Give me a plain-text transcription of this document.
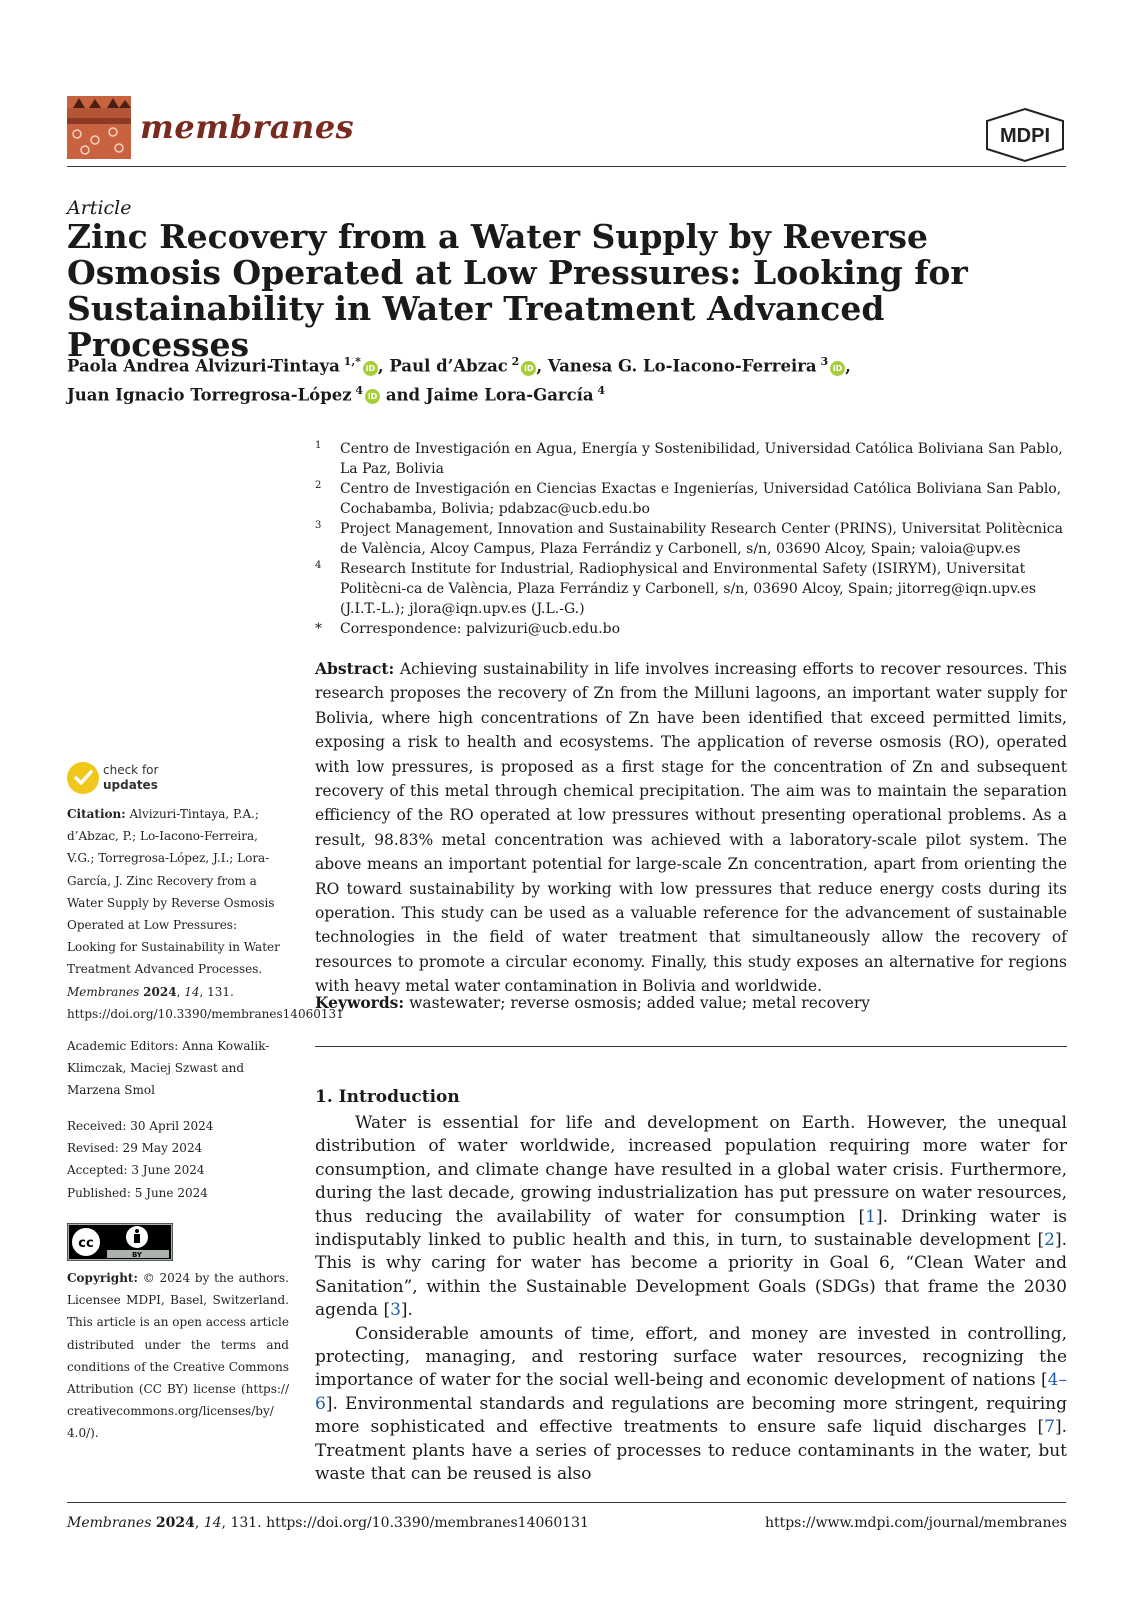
membranes	MDPI
Article
Zinc Recovery from a Water Supply by Reverse Osmosis Operated at Low Pressures: Looking for Sustainability in Water Treatment Advanced Processes
Paola Andrea Alvizuri-Tintaya $^{1,*}$ iD , Paul d’Abzac $^2$ iD , Vanesa G. Lo-Iacono-Ferreira $^3$ iD ,
Juan Ignacio Torregrosa-López $^4$ iD and Jaime Lora-García $^4$
1 Centro de Investigación en Agua, Energía y Sostenibilidad, Universidad Católica Boliviana San Pablo, La Paz, Bolivia
2 Centro de Investigación en Ciencias Exactas e Ingenierías, Universidad Católica Boliviana San Pablo, Cochabamba, Bolivia; pdabzac@ucb.edu.bo
3 Project Management, Innovation and Sustainability Research Center (PRINS), Universitat Politècnica de València, Alcoy Campus, Plaza Ferrándiz y Carbonell, s/n, 03690 Alcoy, Spain; valoia@upv.es
4 Research Institute for Industrial, Radiophysical and Environmental Safety (ISIRYM), Universitat Politècni-ca de València, Plaza Ferrándiz y Carbonell, s/n, 03690 Alcoy, Spain; jitorreg@iqn.upv.es (J.I.T.-L.); jlora@iqn.upv.es (J.L.-G.)
* Correspondence: palvizuri@ucb.edu.bo
Abstract: Achieving sustainability in life involves increasing efforts to recover resources. This research proposes the recovery of Zn from the Milluni lagoons, an important water supply for Bolivia, where high concentrations of Zn have been identified that exceed permitted limits, exposing a risk to health and ecosystems. The application of reverse osmosis (RO), operated with low pressures, is proposed as a first stage for the concentration of Zn and subsequent recovery of this metal through chemical precipitation. The aim was to maintain the separation efficiency of the RO operated at low pressures without presenting operational problems. As a result, 98.83% metal concentration was achieved with a laboratory-scale pilot system. The above means an important potential for large-scale Zn concentration, apart from orienting the RO toward sustainability by working with low pressures that reduce energy costs during its operation. This study can be used as a valuable reference for the advancement of sustainable technologies in the field of water treatment that simultaneously allow the recovery of resources to promote a circular economy. Finally, this study exposes an alternative for regions with heavy metal water contamination in Bolivia and worldwide.
Keywords: wastewater; reverse osmosis; added value; metal recovery
1. Introduction

Water is essential for life and development on Earth. However, the unequal distribution of water worldwide, increased population requiring more water for consumption, and climate change have resulted in a global water crisis. Furthermore, during the last decade, growing industrialization has put pressure on water resources, thus reducing the availability of water for consumption [1]. Drinking water is indisputably linked to public health and this, in turn, to sustainable development [2]. This is why caring for water has become a priority in Goal 6, “Clean Water and Sanitation”, within the Sustainable Development Goals (SDGs) that frame the 2030 agenda [3].

Considerable amounts of time, effort, and money are invested in controlling, protecting, managing, and restoring surface water resources, recognizing the importance of water for the social well-being and economic development of nations [4–6]. Environmental standards and regulations are becoming more stringent, requiring more sophisticated and effective treatments to ensure safe liquid discharges [7]. Treatment plants have a series of processes to reduce contaminants in the water, but waste that can be reused is also

check for
updates
Citation: Alvizuri-Tintaya, P.A.; d’Abzac, P.; Lo-Iacono-Ferreira, V.G.; Torregrosa-López, J.I.; Lora-García, J. Zinc Recovery from a Water Supply by Reverse Osmosis Operated at Low Pressures: Looking for Sustainability in Water Treatment Advanced Processes. Membranes 2024, 14, 131. https://doi.org/10.3390/membranes14060131
Academic Editors: Anna Kowalik-Klimczak, Maciej Szwast and Marzena Smol
Received: 30 April 2024
Revised: 29 May 2024
Accepted: 3 June 2024
Published: 5 June 2024
cc
BY
Copyright: © 2024 by the authors. Licensee MDPI, Basel, Switzerland. This article is an open access article distributed under the terms and conditions of the Creative Commons Attribution (CC BY) license (https:// creativecommons.org/licenses/by/ 4.0/).
Membranes 2024, 14, 131. https://doi.org/10.3390/membranes14060131	https://www.mdpi.com/journal/membranes
